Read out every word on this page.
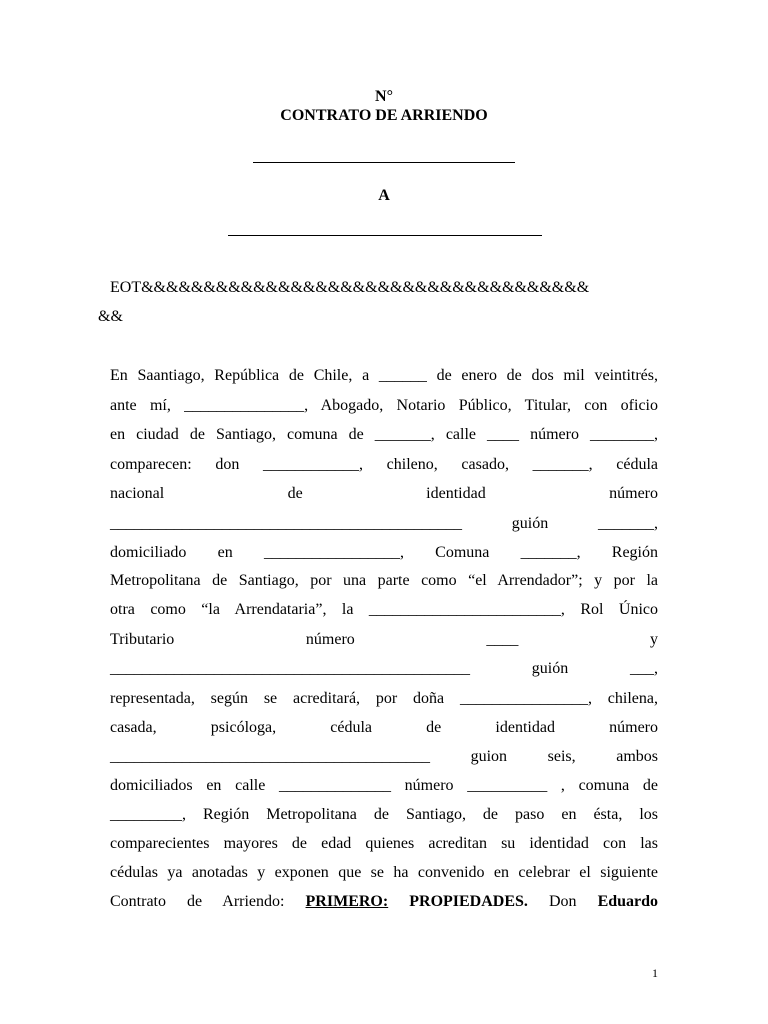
N°
CONTRATO DE ARRIENDO
A
EOT&&&&&&&&&&&&&&&&&&&&&&&&&&&&&&&&&&&&
&&
En Saantiago, República de Chile, a ______ de enero de dos mil veintitrés,
ante mí, _______________, Abogado, Notario Público, Titular, con oficio
en ciudad de Santiago, comuna de _______, calle ____ número ________,
comparecen: don ____________, chileno, casado, _______, cédula
nacional de identidad número
____________________________________________ guión _______,
domiciliado en _________________, Comuna _______, Región
Metropolitana de Santiago, por una parte como “el Arrendador”; y por la
otra como “la Arrendataria”, la ________________________, Rol Único
Tributario número ____ y
_____________________________________________ guión ___,
representada, según se acreditará, por doña ________________, chilena,
casada, psicóloga, cédula de identidad número
________________________________________ guion seis, ambos
domiciliados en calle ______________ número __________ , comuna de
_________, Región Metropolitana de Santiago, de paso en ésta, los
comparecientes mayores de edad quienes acreditan su identidad con las
cédulas ya anotadas y exponen que se ha convenido en celebrar el siguiente
Contrato de Arriendo: PRIMERO: PROPIEDADES. Don Eduardo
1
